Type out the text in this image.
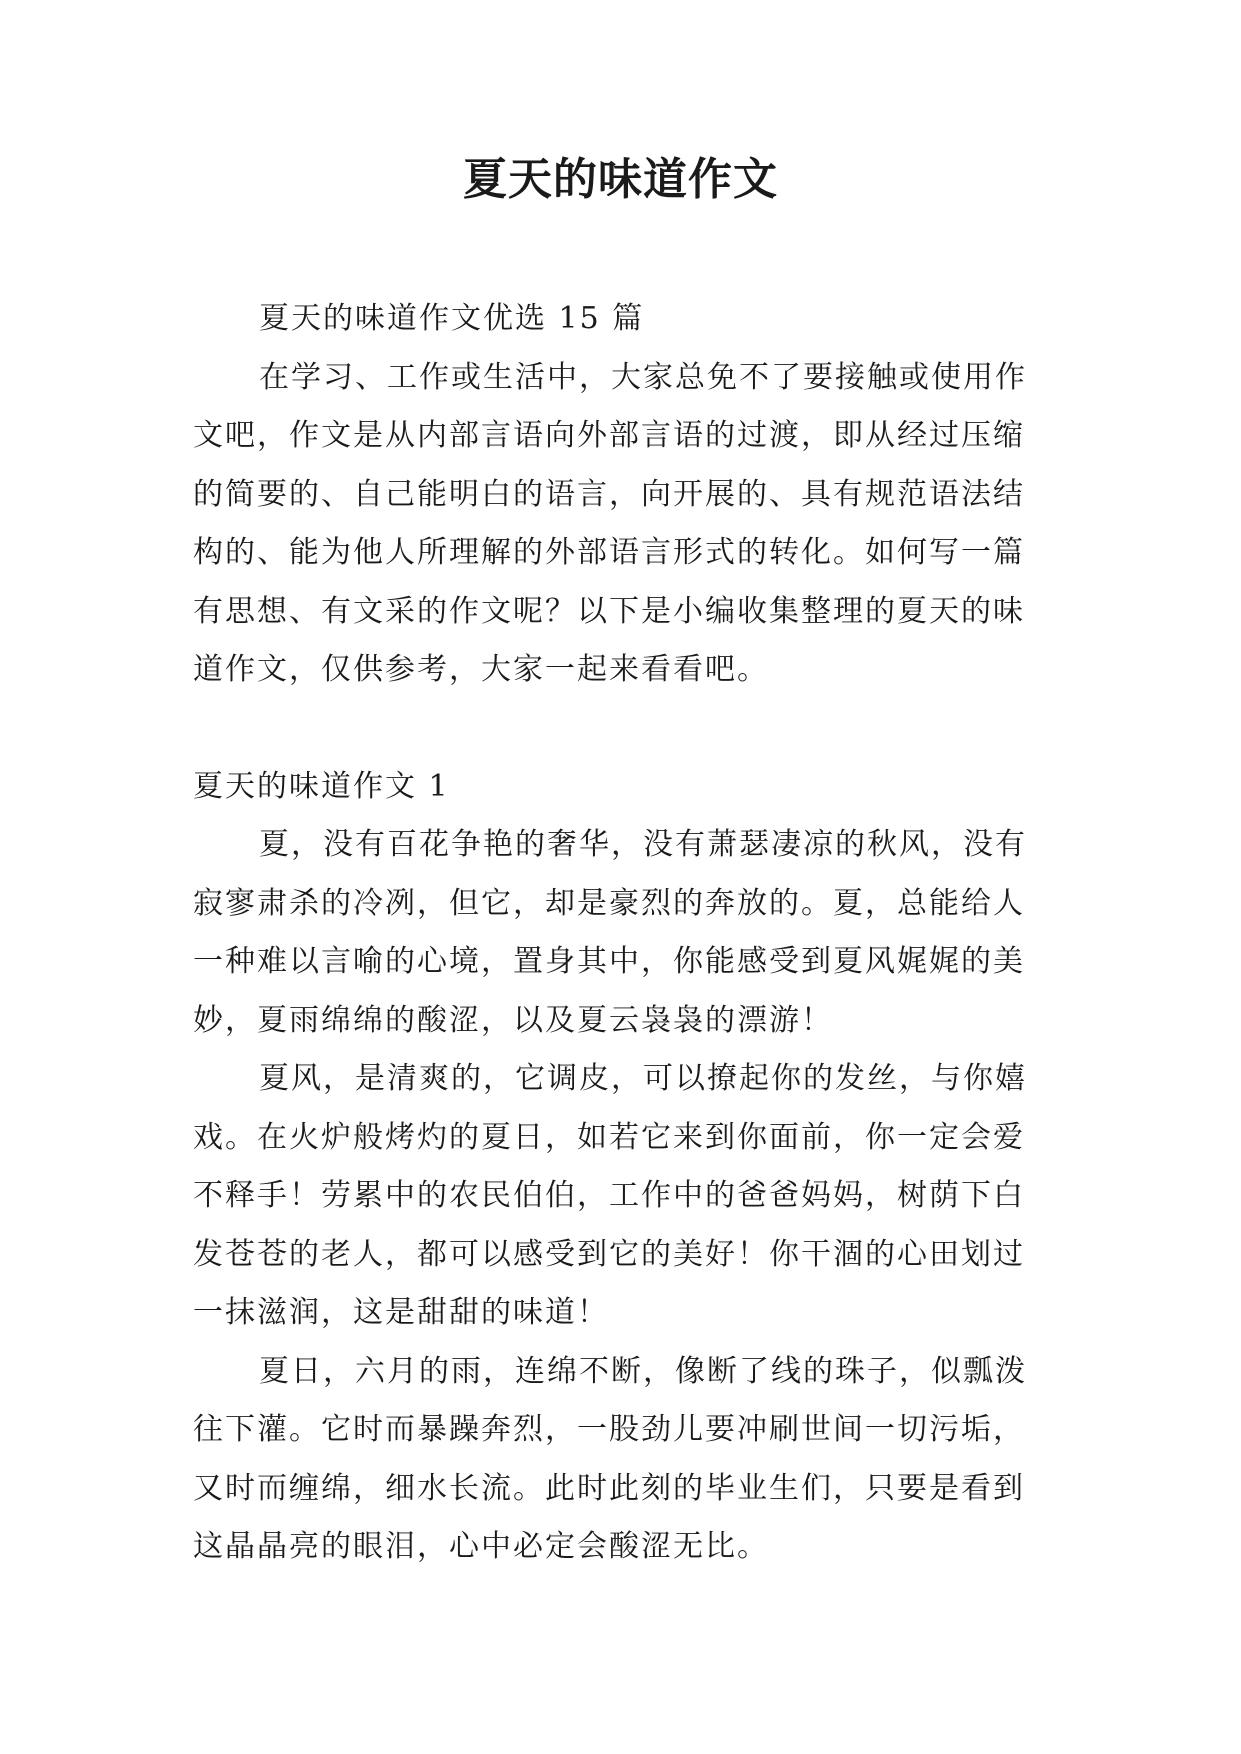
夏天的味道作文

夏天的味道作文优选 15 篇

在学习、工作或生活中，大家总免不了要接触或使用作

文吧，作文是从内部言语向外部言语的过渡，即从经过压缩

的简要的、自己能明白的语言，向开展的、具有规范语法结

构的、能为他人所理解的外部语言形式的转化。如何写一篇

有思想、有文采的作文呢？以下是小编收集整理的夏天的味

道作文，仅供参考，大家一起来看看吧。

夏天的味道作文 1

夏，没有百花争艳的奢华，没有萧瑟凄凉的秋风，没有

寂寥肃杀的冷冽，但它，却是豪烈的奔放的。夏，总能给人

一种难以言喻的心境，置身其中，你能感受到夏风娓娓的美

妙，夏雨绵绵的酸涩，以及夏云袅袅的漂游！

夏风，是清爽的，它调皮，可以撩起你的发丝，与你嬉

戏。在火炉般烤灼的夏日，如若它来到你面前，你一定会爱

不释手！劳累中的农民伯伯，工作中的爸爸妈妈，树荫下白

发苍苍的老人，都可以感受到它的美好！你干涸的心田划过

一抹滋润，这是甜甜的味道！

夏日，六月的雨，连绵不断，像断了线的珠子，似瓢泼

往下灌。它时而暴躁奔烈，一股劲儿要冲刷世间一切污垢，

又时而缠绵，细水长流。此时此刻的毕业生们，只要是看到

这晶晶亮的眼泪，心中必定会酸涩无比。
